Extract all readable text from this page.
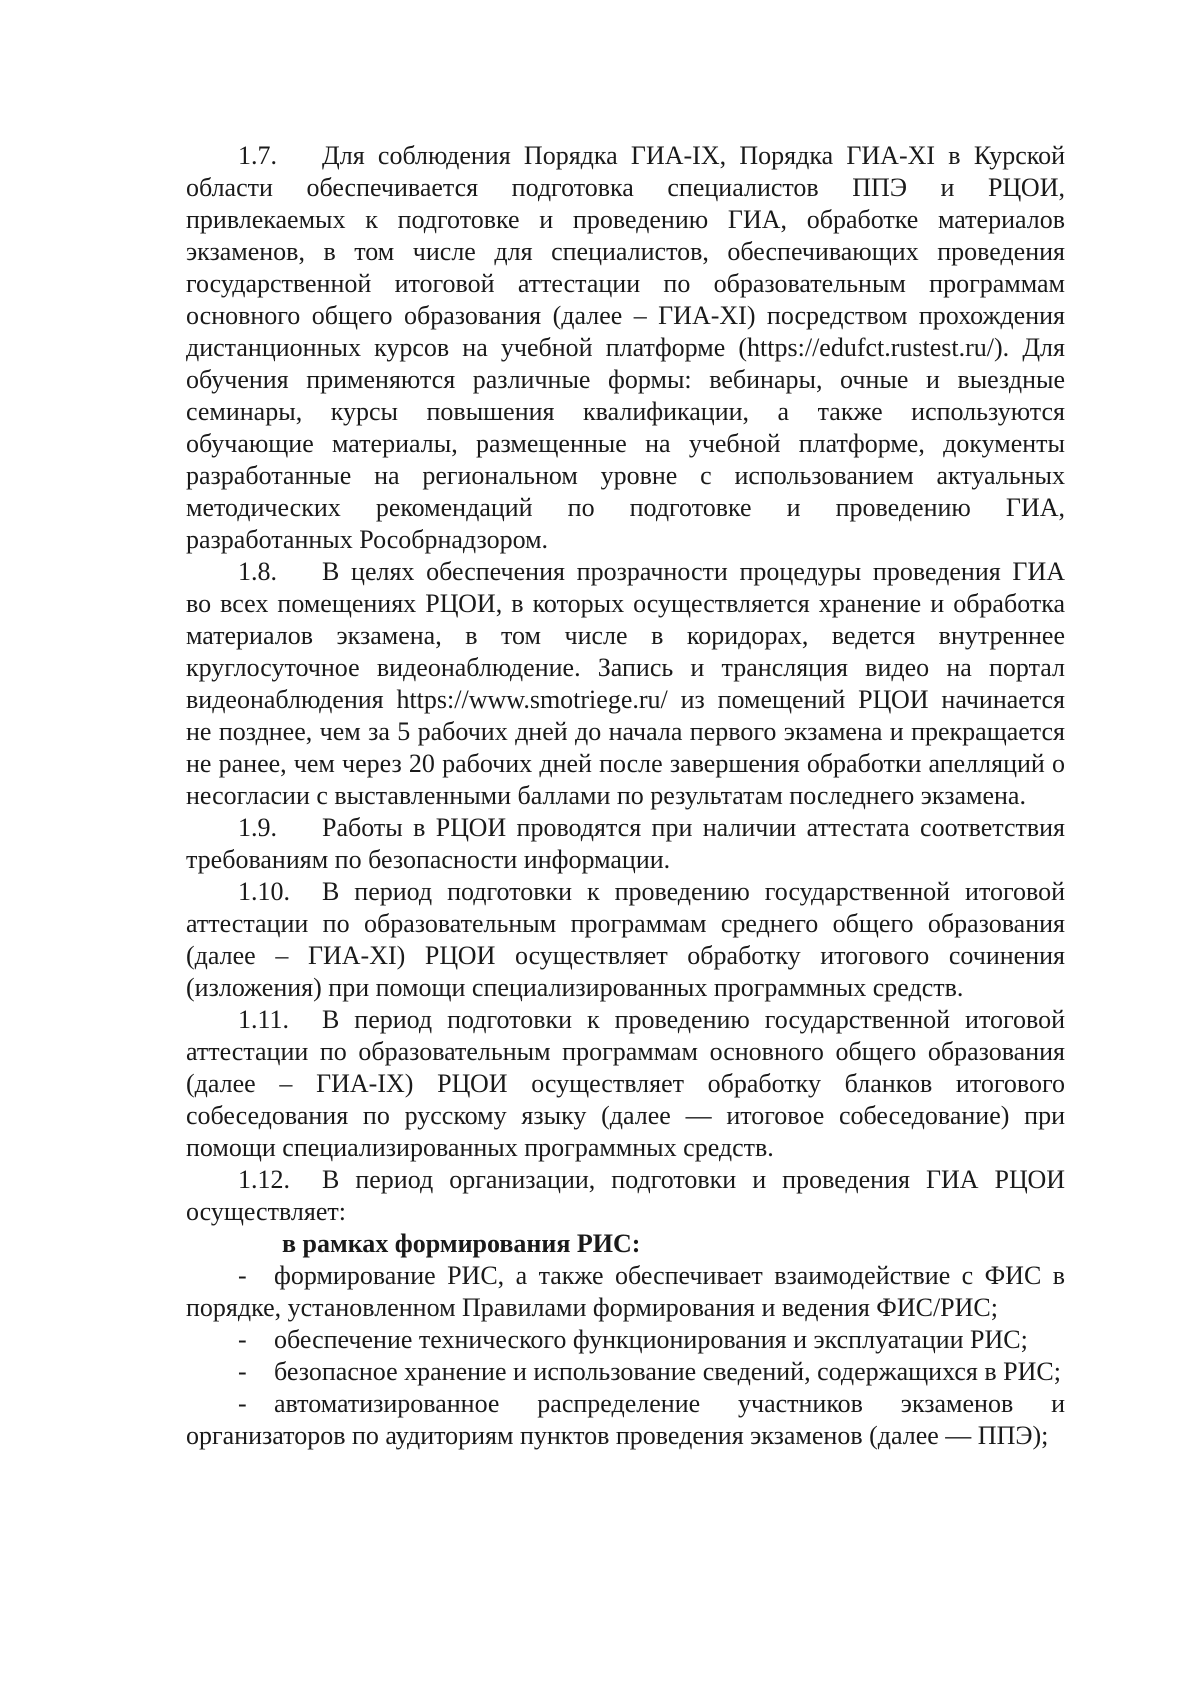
1.7. Для соблюдения Порядка ГИА-IX, Порядка ГИА-XI в Курской области обеспечивается подготовка специалистов ППЭ и РЦОИ, привлекаемых к подготовке и проведению ГИА, обработке материалов экзаменов, в том числе для специалистов, обеспечивающих проведения государственной итоговой аттестации по образовательным программам основного общего образования (далее – ГИА-XI) посредством прохождения дистанционных курсов на учебной платформе (https://edufct.rustest.ru/). Для обучения применяются различные формы: вебинары, очные и выездные семинары, курсы повышения квалификации, а также используются обучающие материалы, размещенные на учебной платформе, документы разработанные на региональном уровне с использованием актуальных методических рекомендаций по подготовке и проведению ГИА, разработанных Рособрнадзором.

1.8. В целях обеспечения прозрачности процедуры проведения ГИА во всех помещениях РЦОИ, в которых осуществляется хранение и обработка материалов экзамена, в том числе в коридорах, ведется внутреннее круглосуточное видеонаблюдение. Запись и трансляция видео на портал видеонаблюдения https://www.smotriege.ru/ из помещений РЦОИ начинается не позднее, чем за 5 рабочих дней до начала первого экзамена и прекращается не ранее, чем через 20 рабочих дней после завершения обработки апелляций о несогласии с выставленными баллами по результатам последнего экзамена.

1.9. Работы в РЦОИ проводятся при наличии аттестата соответствия требованиям по безопасности информации.

1.10. В период подготовки к проведению государственной итоговой аттестации по образовательным программам среднего общего образования (далее – ГИА-XI) РЦОИ осуществляет обработку итогового сочинения (изложения) при помощи специализированных программных средств.

1.11. В период подготовки к проведению государственной итоговой аттестации по образовательным программам основного общего образования (далее – ГИА-IX) РЦОИ осуществляет обработку бланков итогового собеседования по русскому языку (далее — итоговое собеседование) при помощи специализированных программных средств.

1.12. В период организации, подготовки и проведения ГИА РЦОИ осуществляет:

в рамках формирования РИС:

- формирование РИС, а также обеспечивает взаимодействие с ФИС в порядке, установленном Правилами формирования и ведения ФИС/РИС;

- обеспечение технического функционирования и эксплуатации РИС;

- безопасное хранение и использование сведений, содержащихся в РИС;

- автоматизированное распределение участников экзаменов и организаторов по аудиториям пунктов проведения экзаменов (далее — ППЭ);
